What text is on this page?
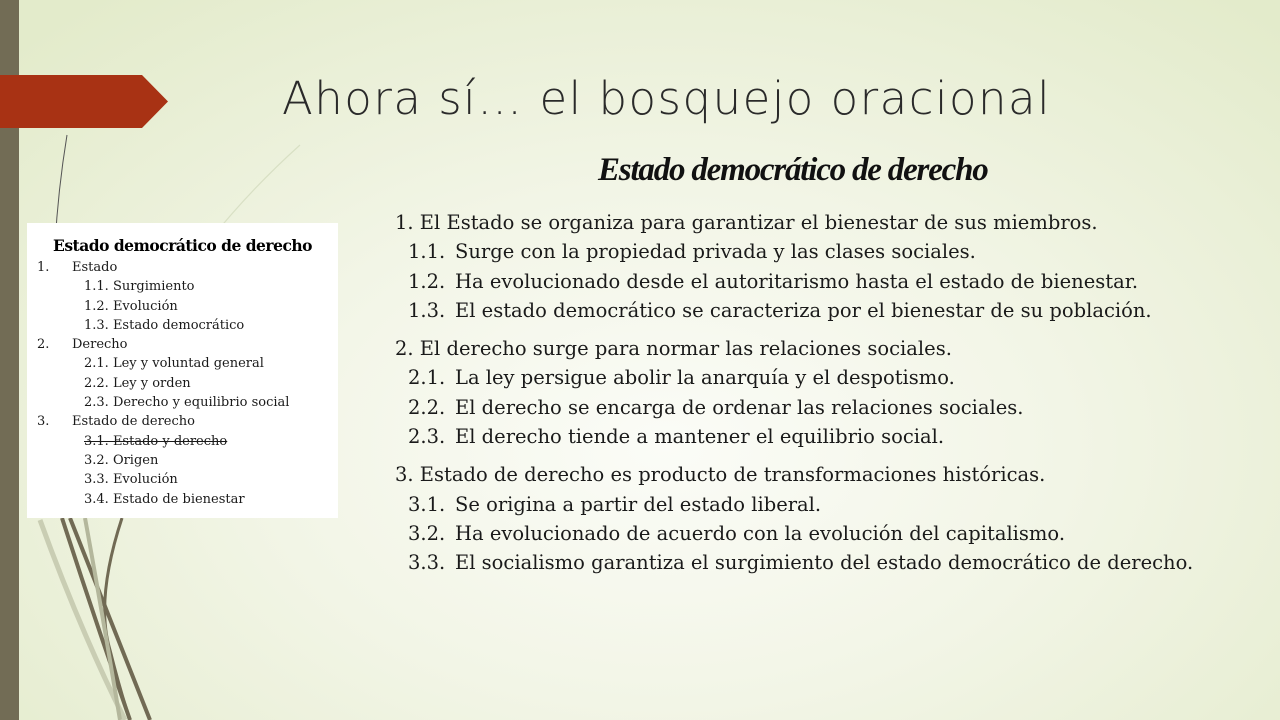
Ahora sí… el bosquejo oracional
Estado democrático de derecho
Estado democrático de derecho
1. Estado
1.1. Surgimiento
1.2. Evolución
1.3. Estado democrático
2. Derecho
2.1. Ley y voluntad general
2.2. Ley y orden
2.3. Derecho y equilibrio social
3. Estado de derecho
3.1. Estado y derecho
3.2. Origen
3.3. Evolución
3.4. Estado de bienestar
1. El Estado se organiza para garantizar el bienestar de sus miembros.
1.1. Surge con la propiedad privada y las clases sociales.
1.2. Ha evolucionado desde el autoritarismo hasta el estado de bienestar.
1.3. El estado democrático se caracteriza por el bienestar de su población.
2. El derecho surge para normar las relaciones sociales.
2.1. La ley persigue abolir la anarquía y el despotismo.
2.2. El derecho se encarga de ordenar las relaciones sociales.
2.3. El derecho tiende a mantener el equilibrio social.
3. Estado de derecho es producto de transformaciones históricas.
3.1. Se origina a partir del estado liberal.
3.2. Ha evolucionado de acuerdo con la evolución del capitalismo.
3.3. El socialismo garantiza el surgimiento del estado democrático de derecho.
